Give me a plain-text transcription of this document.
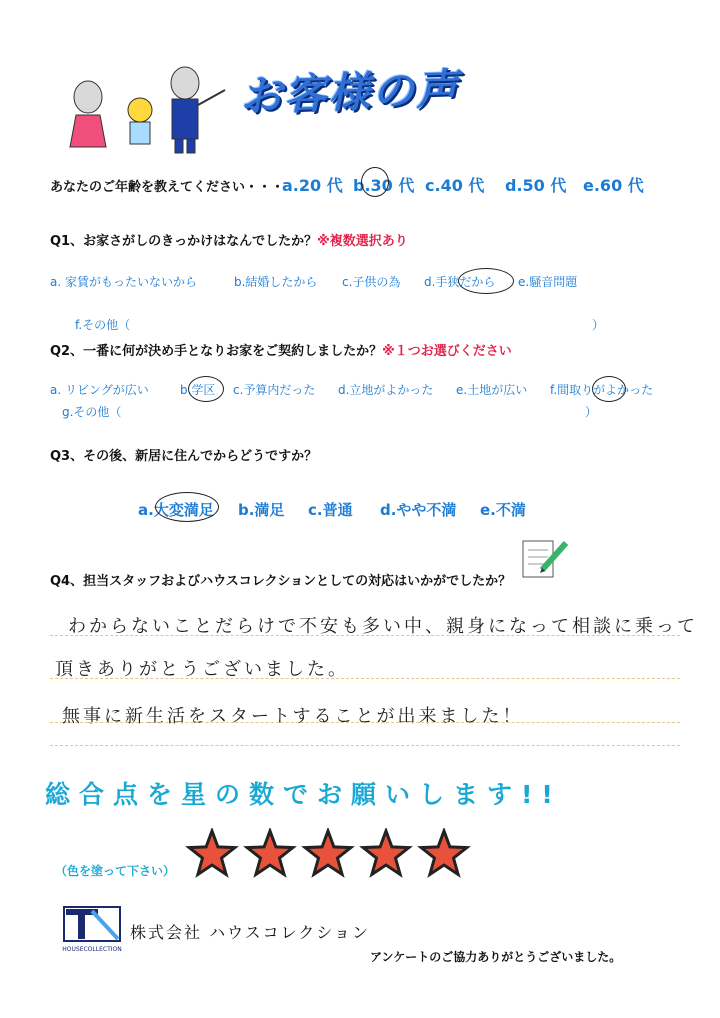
お客様の声
あなたのご年齢を教えてください・・・
a.20 代 b.30 代 c.40 代 d.50 代 e.60 代
Q1、お家さがしのきっかけはなんでしたか？※複数選択あり
a. 家賃がもったいないから	b.結婚したから c.子供の為 d.手狭だから e.騒音問題
f.その他（	）
Q2、一番に何が決め手となりお家をご契約しましたか？※１つお選びください
a. リビングが広い	b.学区 c.予算内だった d.立地がよかった e.土地が広い f.間取りがよかった
g.その他（	）
Q3、その後、新居に住んでからどうですか？
a.大変満足 b.満足 c.普通 d.やや不満 e.不満
Q4、担当スタッフおよびハウスコレクションとしての対応はいかがでしたか？
わからないことだらけで不安も多い中、親身になって相談に乗って
頂きありがとうございました。
無事に新生活をスタートすることが出来ました！
総合点を星の数でお願いします!!
（色を塗って下さい）
HOUSECOLLECTION
株式会社 ハウスコレクション
アンケートのご協力ありがとうございました。
